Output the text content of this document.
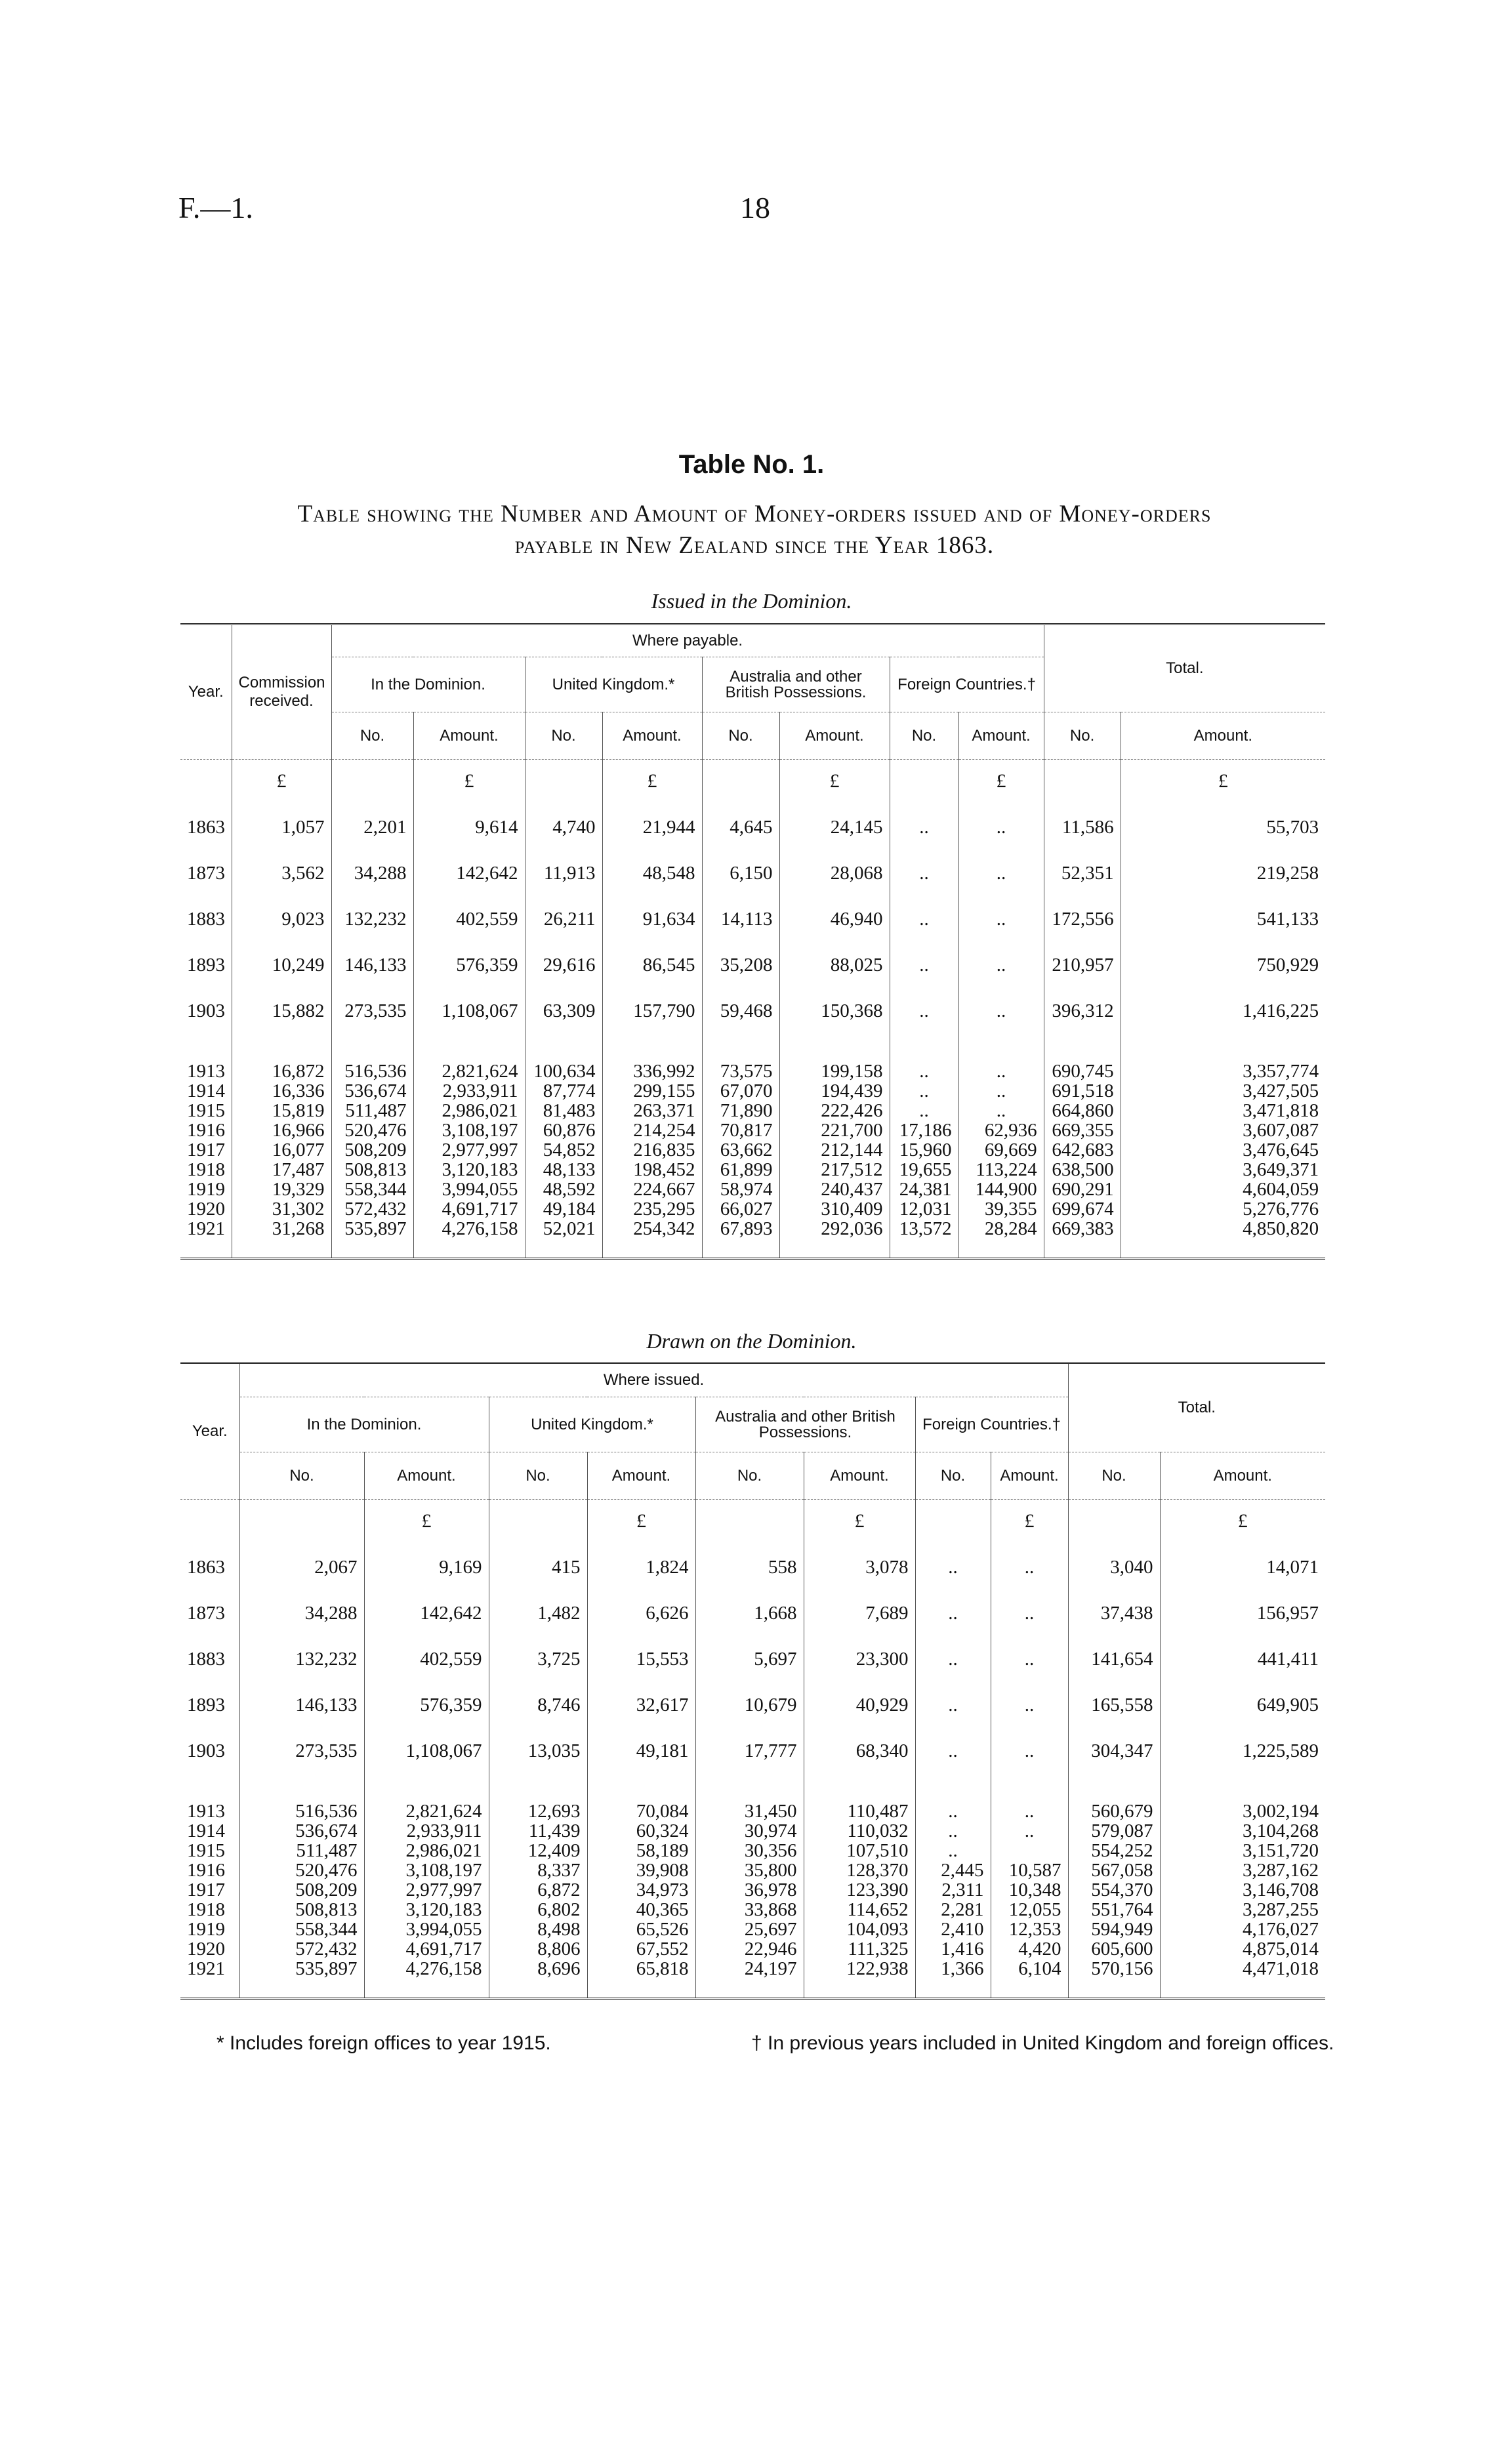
F.—1.	18
Table No. 1.
Table showing the Number and Amount of Money-orders issued and of Money-orders
payable in New Zealand since the Year 1863.
Issued in the Dominion.
Year.	Commission received.	Where payable.								Total.	
		In the Dominion.		United Kingdom.*		Australia and other British Possessions.		Foreign Countries.†			
		No.	Amount.	No.	Amount.	No.	Amount.	No.	Amount.	No.	Amount.
	£		£		£		£		£		£
1863	1,057	2,201	9,614	4,740	21,944	4,645	24,145	..	..	11,586	55,703
1873	3,562	34,288	142,642	11,913	48,548	6,150	28,068	..	..	52,351	219,258
1883	9,023	132,232	402,559	26,211	91,634	14,113	46,940	..	..	172,556	541,133
1893	10,249	146,133	576,359	29,616	86,545	35,208	88,025	..	..	210,957	750,929
1903	15,882	273,535	1,108,067	63,309	157,790	59,468	150,368	..	..	396,312	1,416,225
1913	16,872	516,536	2,821,624	100,634	336,992	73,575	199,158	..	..	690,745	3,357,774
1914	16,336	536,674	2,933,911	87,774	299,155	67,070	194,439	..	..	691,518	3,427,505
1915	15,819	511,487	2,986,021	81,483	263,371	71,890	222,426	..	..	664,860	3,471,818
1916	16,966	520,476	3,108,197	60,876	214,254	70,817	221,700	17,186	62,936	669,355	3,607,087
1917	16,077	508,209	2,977,997	54,852	216,835	63,662	212,144	15,960	69,669	642,683	3,476,645
1918	17,487	508,813	3,120,183	48,133	198,452	61,899	217,512	19,655	113,224	638,500	3,649,371
1919	19,329	558,344	3,994,055	48,592	224,667	58,974	240,437	24,381	144,900	690,291	4,604,059
1920	31,302	572,432	4,691,717	49,184	235,295	66,027	310,409	12,031	39,355	699,674	5,276,776
1921	31,268	535,897	4,276,158	52,021	254,342	67,893	292,036	13,572	28,284	669,383	4,850,820

Drawn on the Dominion.
Year.	Where issued.								Total.	
	In the Dominion.		United Kingdom.*		Australia and other British Possessions.		Foreign Countries.†			
	No.	Amount.	No.	Amount.	No.	Amount.	No.	Amount.	No.	Amount.
		£		£		£		£		£
1863	2,067	9,169	415	1,824	558	3,078	..	..	3,040	14,071
1873	34,288	142,642	1,482	6,626	1,668	7,689	..	..	37,438	156,957
1883	132,232	402,559	3,725	15,553	5,697	23,300	..	..	141,654	441,411
1893	146,133	576,359	8,746	32,617	10,679	40,929	..	..	165,558	649,905
1903	273,535	1,108,067	13,035	49,181	17,777	68,340	..	..	304,347	1,225,589
1913	516,536	2,821,624	12,693	70,084	31,450	110,487	..	..	560,679	3,002,194
1914	536,674	2,933,911	11,439	60,324	30,974	110,032	..	..	579,087	3,104,268
1915	511,487	2,986,021	12,409	58,189	30,356	107,510	..		554,252	3,151,720
1916	520,476	3,108,197	8,337	39,908	35,800	128,370	2,445	10,587	567,058	3,287,162
1917	508,209	2,977,997	6,872	34,973	36,978	123,390	2,311	10,348	554,370	3,146,708
1918	508,813	3,120,183	6,802	40,365	33,868	114,652	2,281	12,055	551,764	3,287,255
1919	558,344	3,994,055	8,498	65,526	25,697	104,093	2,410	12,353	594,949	4,176,027
1920	572,432	4,691,717	8,806	67,552	22,946	111,325	1,416	4,420	605,600	4,875,014
1921	535,897	4,276,158	8,696	65,818	24,197	122,938	1,366	6,104	570,156	4,471,018

* Includes foreign offices to year 1915.	† In previous years included in United Kingdom and foreign offices.
